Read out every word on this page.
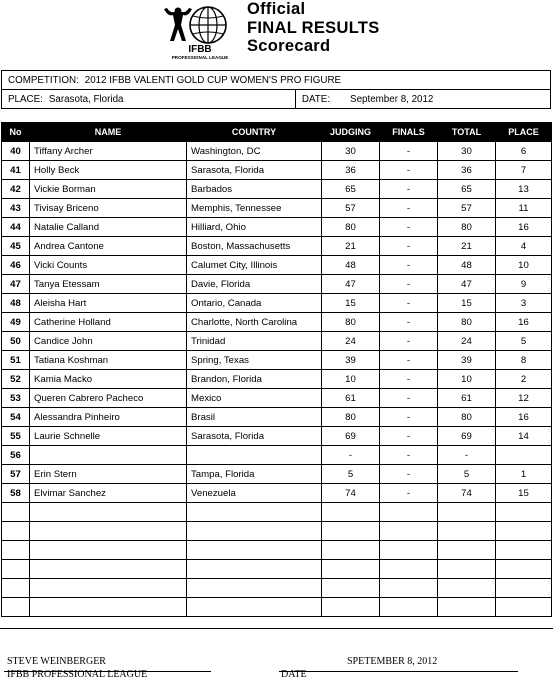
IFBB
PROFESSIONAL LEAGUE
Official
FINAL RESULTS
Scorecard
COMPETITION: 2012 IFBB VALENTI GOLD CUP WOMEN'S PRO FIGURE
PLACE: Sarasota, Florida	DATE: September 8, 2012
No	NAME	COUNTRY	JUDGING	FINALS	TOTAL	PLACE
40	Tiffany Archer	Washington, DC	30	-	30	6
41	Holly Beck	Sarasota, Florida	36	-	36	7
42	Vickie Borman	Barbados	65	-	65	13
43	Tivisay Briceno	Memphis, Tennessee	57	-	57	11
44	Natalie Calland	Hilliard, Ohio	80	-	80	16
45	Andrea Cantone	Boston, Massachusetts	21	-	21	4
46	Vicki Counts	Calumet City, Illinois	48	-	48	10
47	Tanya Etessam	Davie, Florida	47	-	47	9
48	Aleisha Hart	Ontario, Canada	15	-	15	3
49	Catherine Holland	Charlotte, North Carolina	80	-	80	16
50	Candice John	Trinidad	24	-	24	5
51	Tatiana Koshman	Spring, Texas	39	-	39	8
52	Kamia Macko	Brandon, Florida	10	-	10	2
53	Queren Cabrero Pacheco	Mexico	61	-	61	12
54	Alessandra Pinheiro	Brasil	80	-	80	16
55	Laurie Schnelle	Sarasota, Florida	69	-	69	14
56			-	-	-	
57	Erin Stern	Tampa, Florida	5	-	5	1
58	Elvimar Sanchez	Venezuela	74	-	74	15

STEVE WEINBERGER
IFBB PROFESSIONAL LEAGUE
SPETEMBER 8, 2012
DATE
